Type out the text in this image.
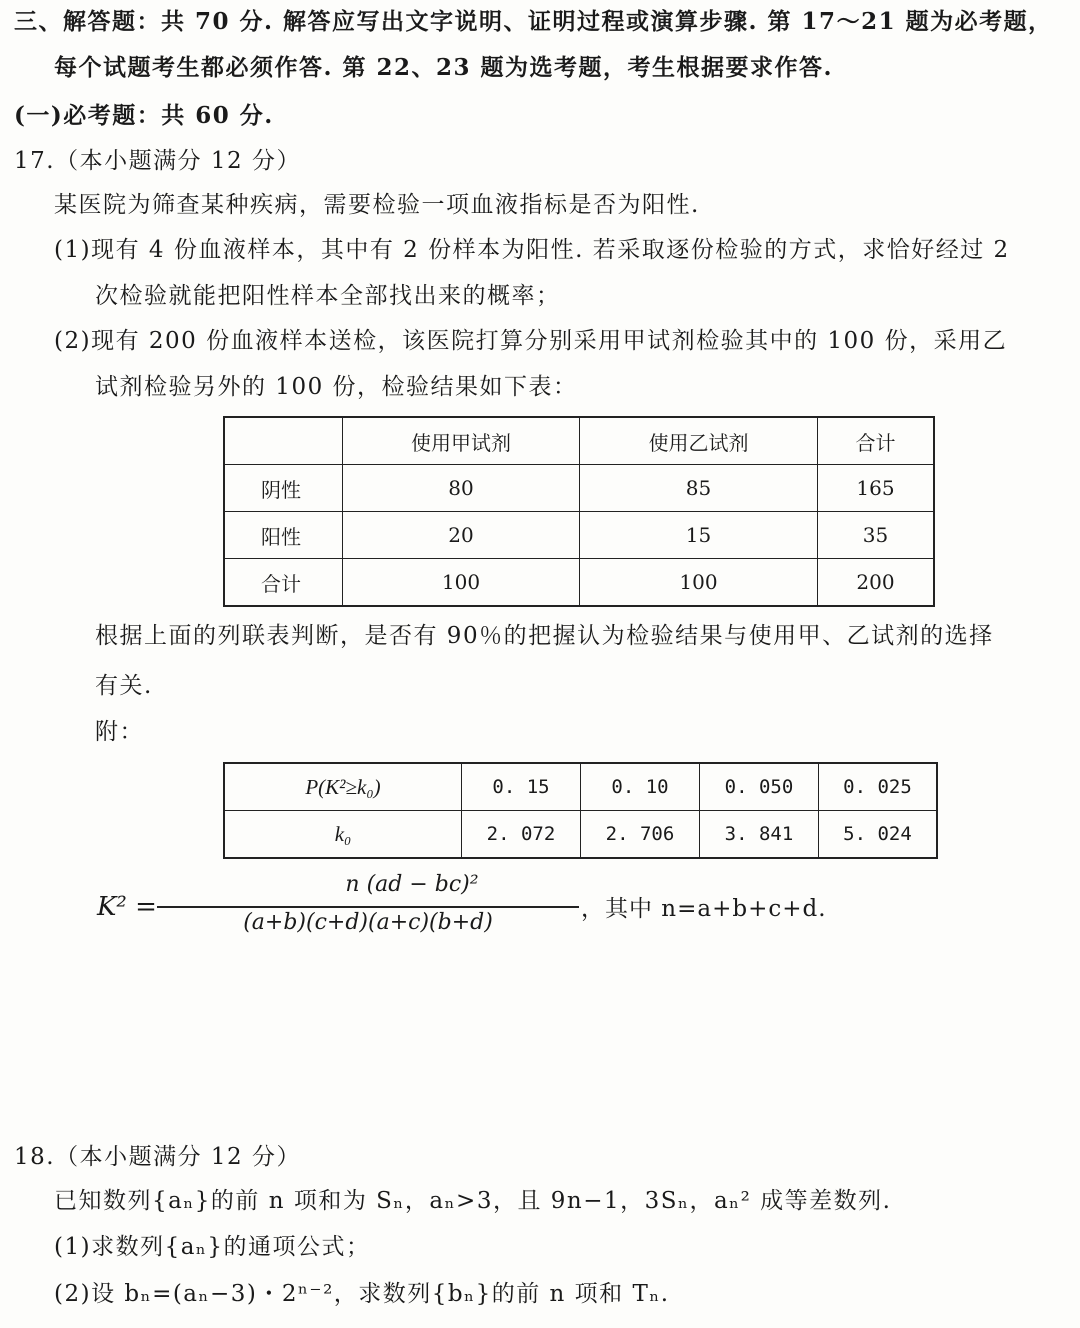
三、解答题：共 70 分. 解答应写出文字说明、证明过程或演算步骤. 第 17～21 题为必考题，
每个试题考生都必须作答. 第 22、23 题为选考题，考生根据要求作答.
(一)必考题：共 60 分.
17.（本小题满分 12 分）
某医院为筛查某种疾病，需要检验一项血液指标是否为阳性.
(1)现有 4 份血液样本，其中有 2 份样本为阳性. 若采取逐份检验的方式，求恰好经过 2
次检验就能把阳性样本全部找出来的概率；
(2)现有 200 份血液样本送检，该医院打算分别采用甲试剂检验其中的 100 份，采用乙
试剂检验另外的 100 份，检验结果如下表：
	使用甲试剂	使用乙试剂	合计
阴性	80	85	165
阳性	20	15	35
合计	100	100	200
根据上面的列联表判断，是否有 90％的把握认为检验结果与使用甲、乙试剂的选择
有关.
附：
P(K²≥k₀)	0. 15	0. 10	0. 050	0. 025
k₀	2. 072	2. 706	3. 841	5. 024
K² =
n (ad − bc)²
(a+b)(c+d)(a+c)(b+d)
，其中 n=a+b+c+d.
18.（本小题满分 12 分）
已知数列{aₙ}的前 n 项和为 Sₙ，aₙ>3，且 9n−1，3Sₙ，aₙ² 成等差数列.
(1)求数列{aₙ}的通项公式；
(2)设 bₙ=(aₙ−3)・2ⁿ⁻²，求数列{bₙ}的前 n 项和 Tₙ.
